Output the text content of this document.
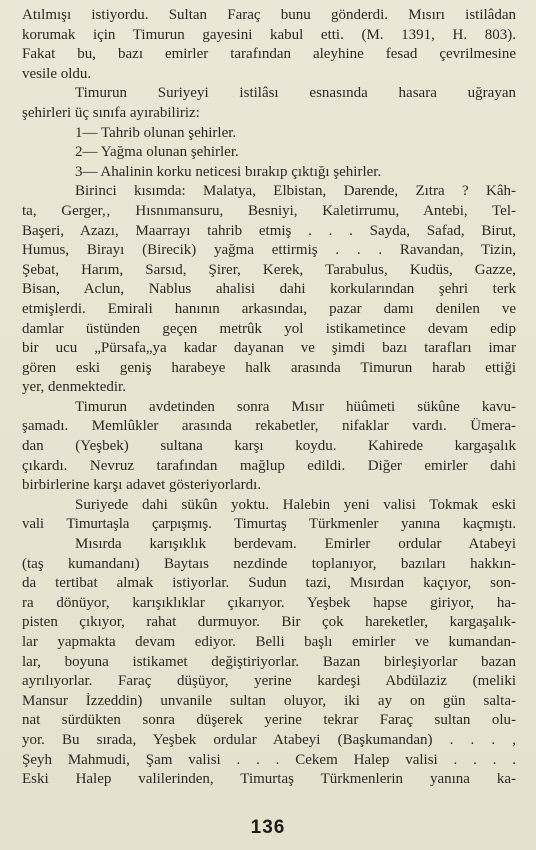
Atılmışı istiyordu. Sultan Faraç bunu gönderdi. Mısırı istilâdan
korumak için Timurun gayesini kabul etti. (M. 1391, H. 803).
Fakat bu, bazı emirler tarafından aleyhine fesad çevrilmesine
vesile oldu.
Timurun Suriyeyi istilâsı esnasında hasara uğrayan
şehirleri üç sınıfa ayırabiliriz:
1— Tahrib olunan şehirler.
2— Yağma olunan şehirler.
3— Ahalinin korku neticesi bırakıp çıktığı şehirler.
Birinci kısımda: Malatya, Elbistan, Darende, Zıtra ? Kâh-
ta, Gerger,‚ Hısnımansuru, Besniyi, Kaletirrumu, Antebi, Tel-
Başeri, Azazı, Maarrayı tahrib etmiş . . . Sayda, Safad, Birut,
Humus, Birayı (Birecik) yağma ettirmiş . . . Ravandan, Tizin,
Şebat, Harım, Sarsıd, Şirer, Kerek, Tarabulus, Kudüs, Gazze,
Bisan, Aclun, Nablus ahalisi dahi korkularından şehri terk
etmişlerdi. Emirali hanının arkasındaı, pazar damı denilen ve
damlar üstünden geçen metrûk yol istikametince devam edip
bir ucu „Pürsafa„ya kadar dayanan ve şimdi bazı tarafları imar
gören eski geniş harabeye halk arasında Timurun harab ettiği
yer, denmektedir.
Timurun avdetinden sonra Mısır hüûmeti sükûne kavu-
şamadı. Memlûkler arasında rekabetler, nifaklar vardı. Ümera-
dan (Yeşbek) sultana karşı koydu. Kahirede kargaşalık
çıkardı. Nevruz tarafından mağlup edildi. Diğer emirler dahi
birbirlerine karşı adavet gösteriyorlardı.
Suriyede dahi sükûn yoktu. Halebin yeni valisi Tokmak eski
vali Timurtaşla çarpışmış. Timurtaş Türkmenler yanına kaçmıştı.
Mısırda karışıklık berdevam. Emirler ordular Atabeyi
(taş kumandanı) Baytaıs nezdinde toplanıyor, bazıları hakkın-
da tertibat almak istiyorlar. Sudun tazi, Mısırdan kaçıyor, son-
ra dönüyor, karışıklıklar çıkarıyor. Yeşbek hapse giriyor, ha-
pisten çıkıyor, rahat durmuyor. Bir çok hareketler, kargaşalık-
lar yapmakta devam ediyor. Belli başlı emirler ve kumandan-
lar, boyuna istikamet değiştiriyorlar. Bazan birleşiyorlar bazan
ayrılıyorlar. Faraç düşüyor, yerine kardeşi Abdülaziz (meliki
Mansur İzzeddin) unvanile sultan oluyor, iki ay on gün salta-
nat sürdükten sonra düşerek yerine tekrar Faraç sultan olu-
yor. Bu sırada, Yeşbek ordular Atabeyi (Başkumandan) . . . ,
Şeyh Mahmudi, Şam valisi . . . Cekem Halep valisi . . . .
Eski Halep valilerinden, Timurtaş Türkmenlerin yanına ka-
136
